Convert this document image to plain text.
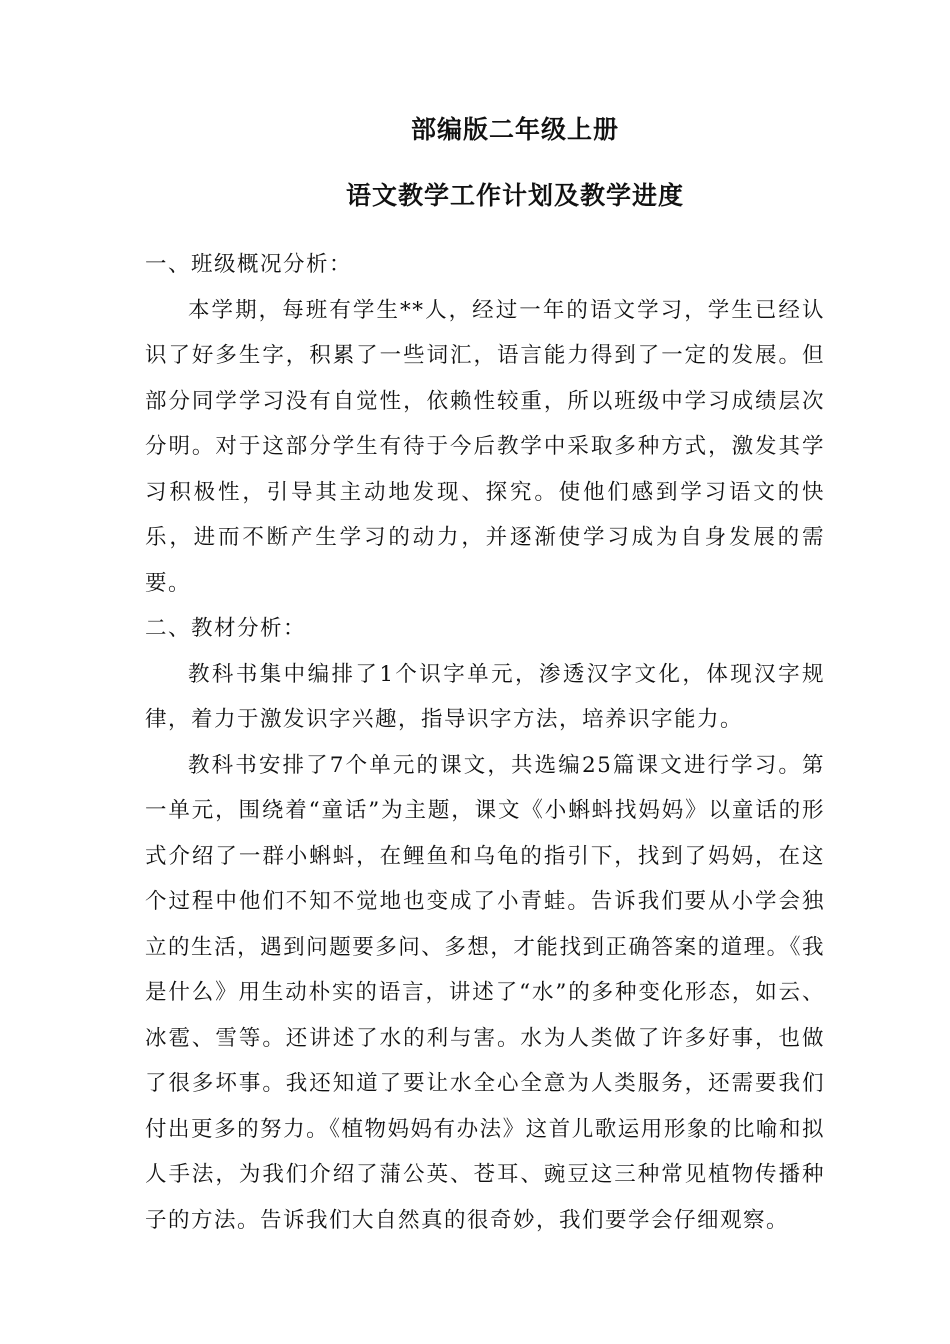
部编版二年级上册
语文教学工作计划及教学进度
一、班级概况分析：

本学期，每班有学生**人，经过一年的语文学习，学生已经认识了好多生字，积累了一些词汇，语言能力得到了一定的发展。但部分同学学习没有自觉性，依赖性较重，所以班级中学习成绩层次分明。对于这部分学生有待于今后教学中采取多种方式，激发其学习积极性，引导其主动地发现、探究。使他们感到学习语文的快乐，进而不断产生学习的动力，并逐渐使学习成为自身发展的需要。

二、教材分析：

教科书集中编排了1个识字单元，渗透汉字文化，体现汉字规律，着力于激发识字兴趣，指导识字方法，培养识字能力。

教科书安排了7个单元的课文，共选编25篇课文进行学习。第一单元，围绕着“童话”为主题，课文《小蝌蚪找妈妈》以童话的形式介绍了一群小蝌蚪，在鲤鱼和乌龟的指引下，找到了妈妈，在这个过程中他们不知不觉地也变成了小青蛙。告诉我们要从小学会独立的生活，遇到问题要多问、多想，才能找到正确答案的道理。《我是什么》用生动朴实的语言，讲述了“水”的多种变化形态，如云、冰雹、雪等。还讲述了水的利与害。水为人类做了许多好事，也做了很多坏事。我还知道了要让水全心全意为人类服务，还需要我们付出更多的努力。《植物妈妈有办法》这首儿歌运用形象的比喻和拟人手法，为我们介绍了蒲公英、苍耳、豌豆这三种常见植物传播种子的方法。告诉我们大自然真的很奇妙，我们要学会仔细观察。
